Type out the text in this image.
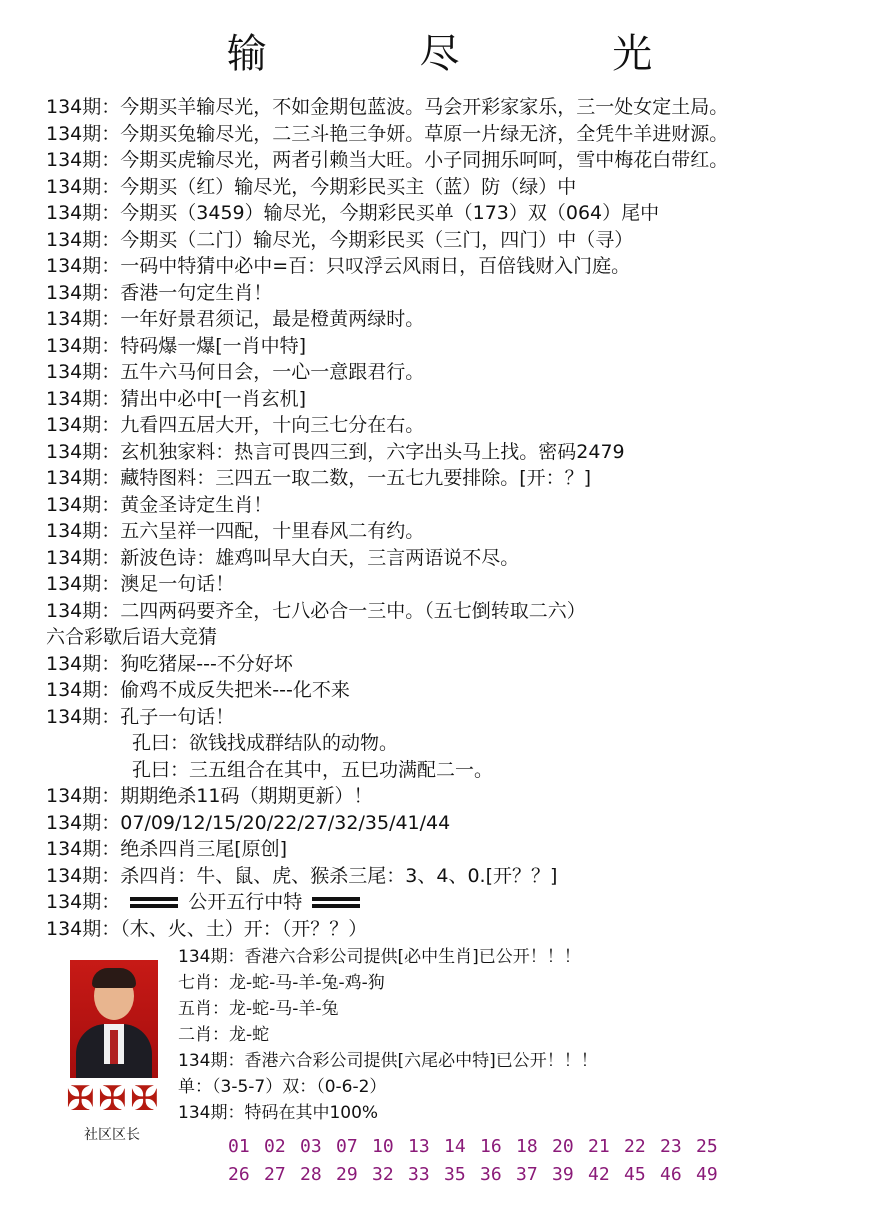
输 尽 光
134期：今期买羊输尽光，不如金期包蓝波。马会开彩家家乐，三一处女定土局。
134期：今期买兔输尽光，二三斗艳三争妍。草原一片绿无济，全凭牛羊进财源。
134期：今期买虎输尽光，两者引赖当大旺。小子同拥乐呵呵，雪中梅花白带红。
134期：今期买（红）输尽光，今期彩民买主（蓝）防（绿）中
134期：今期买（3459）输尽光，今期彩民买单（173）双（064）尾中
134期：今期买（二门）输尽光，今期彩民买（三门，四门）中（寻）
134期：一码中特猜中必中=百：只叹浮云风雨日，百倍钱财入门庭。
134期：香港一句定生肖！
134期：一年好景君须记，最是橙黄两绿时。
134期：特码爆一爆[一肖中特]
134期：五牛六马何日会，一心一意跟君行。
134期：猜出中必中[一肖玄机]
134期：九看四五居大开，十向三七分在右。
134期：玄机独家料：热言可畏四三到，六字出头马上找。密码2479
134期：藏特图料：三四五一取二数，一五七九要排除。[开：？]
134期：黄金圣诗定生肖！
134期：五六呈祥一四配，十里春风二有约。
134期：新波色诗：雄鸡叫早大白天，三言两语说不尽。
134期：澳足一句话！
134期：二四两码要齐全，七八必合一三中。（五七倒转取二六）
六合彩歇后语大竞猜
134期：狗吃猪屎---不分好坏
134期：偷鸡不成反失把米---化不来
134期：孔子一句话！
孔曰：欲钱找成群结队的动物。
孔曰：三五组合在其中，五巳功满配二一。
134期：期期绝杀11码（期期更新）！
134期：07/09/12/15/20/22/27/32/35/41/44
134期：绝杀四肖三尾[原创]
134期：杀四肖：牛、鼠、虎、猴杀三尾：3、4、0.[开？？]
134期：	公开五行中特
134期：（木、火、土）开：（开？？）
✠ ✠ ✠
社区区长
134期：香港六合彩公司提供[必中生肖]已公开！！！
七肖：龙-蛇-马-羊-兔-鸡-狗
五肖：龙-蛇-马-羊-兔
二肖：龙-蛇
134期：香港六合彩公司提供[六尾必中特]已公开！！！
单：（3-5-7）双：（0-6-2）
134期：特码在其中100%
01 02 03 07 10 13 14 16 18 20 21 22 23 25
26 27 28 29 32 33 35 36 37 39 42 45 46 49
